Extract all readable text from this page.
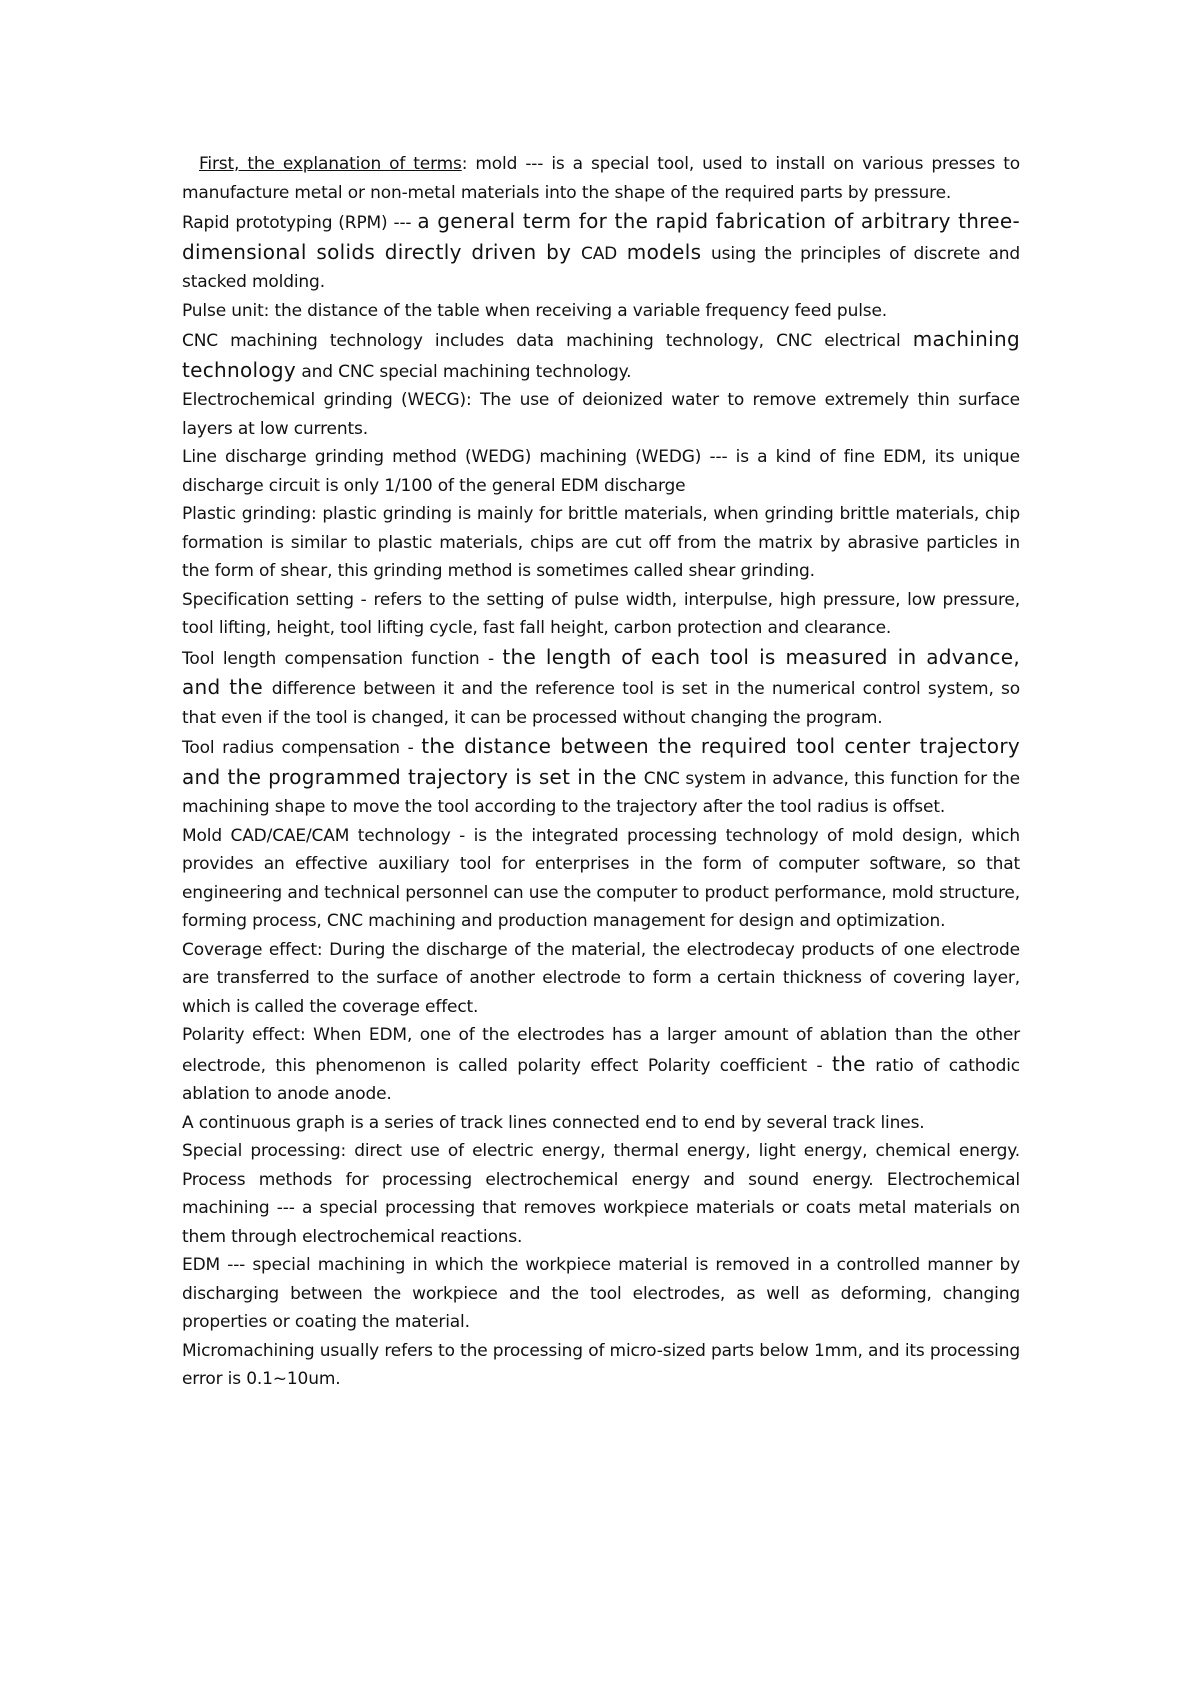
First, the explanation of terms: mold --- is a special tool, used to install on various presses to manufacture metal or non-metal materials into the shape of the required parts by pressure.

Rapid prototyping (RPM) --- a general term for the rapid fabrication of arbitrary three-dimensional solids directly driven by CAD models using the principles of discrete and stacked molding.

Pulse unit: the distance of the table when receiving a variable frequency feed pulse.

CNC machining technology includes data machining technology, CNC electrical machining technology and CNC special machining technology.

Electrochemical grinding (WECG): The use of deionized water to remove extremely thin surface layers at low currents.

Line discharge grinding method (WEDG) machining (WEDG) --- is a kind of fine EDM, its unique discharge circuit is only 1/100 of the general EDM discharge

Plastic grinding: plastic grinding is mainly for brittle materials, when grinding brittle materials, chip formation is similar to plastic materials, chips are cut off from the matrix by abrasive particles in the form of shear, this grinding method is sometimes called shear grinding.

Specification setting - refers to the setting of pulse width, interpulse, high pressure, low pressure, tool lifting, height, tool lifting cycle, fast fall height, carbon protection and clearance.

Tool length compensation function - the length of each tool is measured in advance, and the difference between it and the reference tool is set in the numerical control system, so that even if the tool is changed, it can be processed without changing the program.

Tool radius compensation - the distance between the required tool center trajectory and the programmed trajectory is set in the CNC system in advance, this function for the machining shape to move the tool according to the trajectory after the tool radius is offset.

Mold CAD/CAE/CAM technology - is the integrated processing technology of mold design, which provides an effective auxiliary tool for enterprises in the form of computer software, so that engineering and technical personnel can use the computer to product performance, mold structure, forming process, CNC machining and production management for design and optimization.

Coverage effect: During the discharge of the material, the electrodecay products of one electrode are transferred to the surface of another electrode to form a certain thickness of covering layer, which is called the coverage effect.

Polarity effect: When EDM, one of the electrodes has a larger amount of ablation than the other electrode, this phenomenon is called polarity effect Polarity coefficient - the ratio of cathodic ablation to anode anode.

A continuous graph is a series of track lines connected end to end by several track lines.

Special processing: direct use of electric energy, thermal energy, light energy, chemical energy. Process methods for processing electrochemical energy and sound energy. Electrochemical machining --- a special processing that removes workpiece materials or coats metal materials on them through electrochemical reactions.

EDM --- special machining in which the workpiece material is removed in a controlled manner by discharging between the workpiece and the tool electrodes, as well as deforming, changing properties or coating the material.

Micromachining usually refers to the processing of micro-sized parts below 1mm, and its processing error is 0.1~10um.
